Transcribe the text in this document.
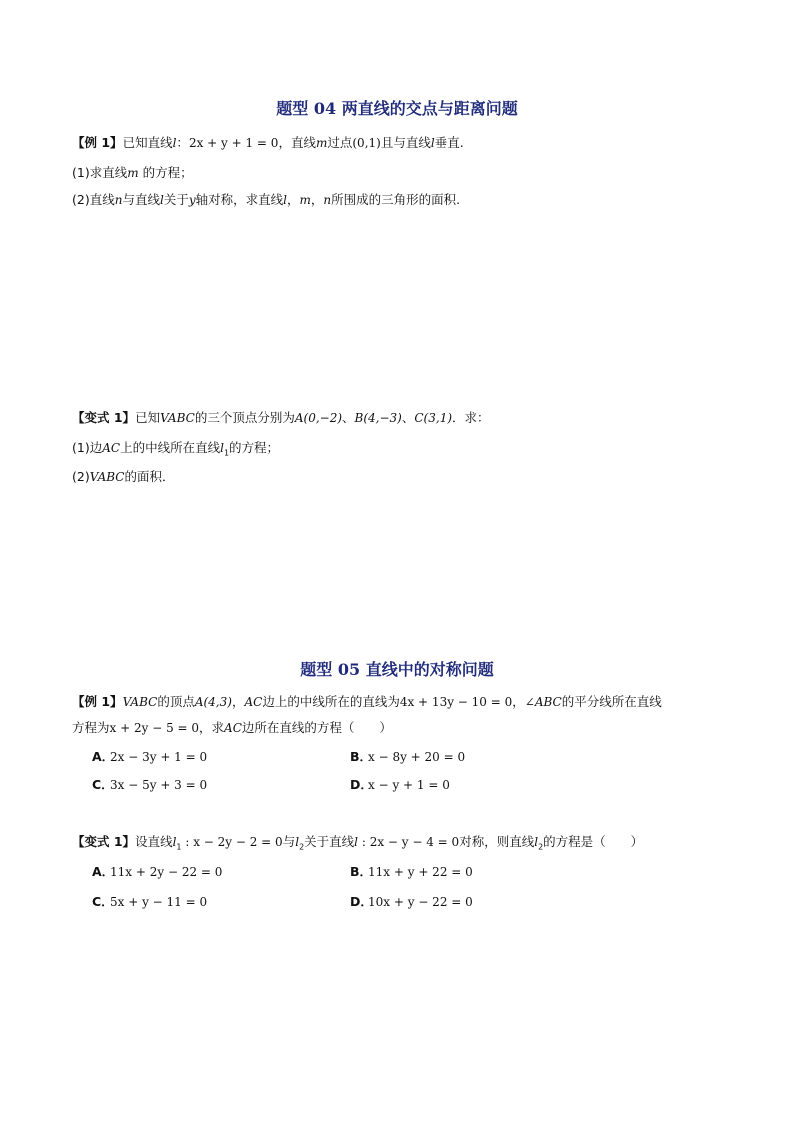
题型 04 两直线的交点与距离问题
【例 1】已知直线l：2x + y + 1 = 0，直线m过点(0,1)且与直线l垂直.
(1)求直线m 的方程；
(2)直线n与直线l关于y轴对称，求直线l，m，n所围成的三角形的面积.
【变式 1】已知VABC的三个顶点分别为A(0,−2)、B(4,−3)、C(3,1)．求：
(1)边AC上的中线所在直线$l_1$的方程；
(2)VABC的面积．
题型 05 直线中的对称问题
【例 1】VABC的顶点A(4,3)，AC边上的中线所在的直线为4x + 13y − 10 = 0，∠ABC的平分线所在直线
方程为x + 2y − 5 = 0，求AC边所在直线的方程（　　）
A．2x − 3y + 1 = 0	B．x − 8y + 20 = 0
C．3x − 5y + 3 = 0	D．x − y + 1 = 0
【变式 1】设直线$l_1$ : x − 2y − 2 = 0与$l_2$关于直线l : 2x − y − 4 = 0对称，则直线$l_2$的方程是（　　）
A．11x + 2y − 22 = 0	B．11x + y + 22 = 0
C．5x + y − 11 = 0	D．10x + y − 22 = 0
